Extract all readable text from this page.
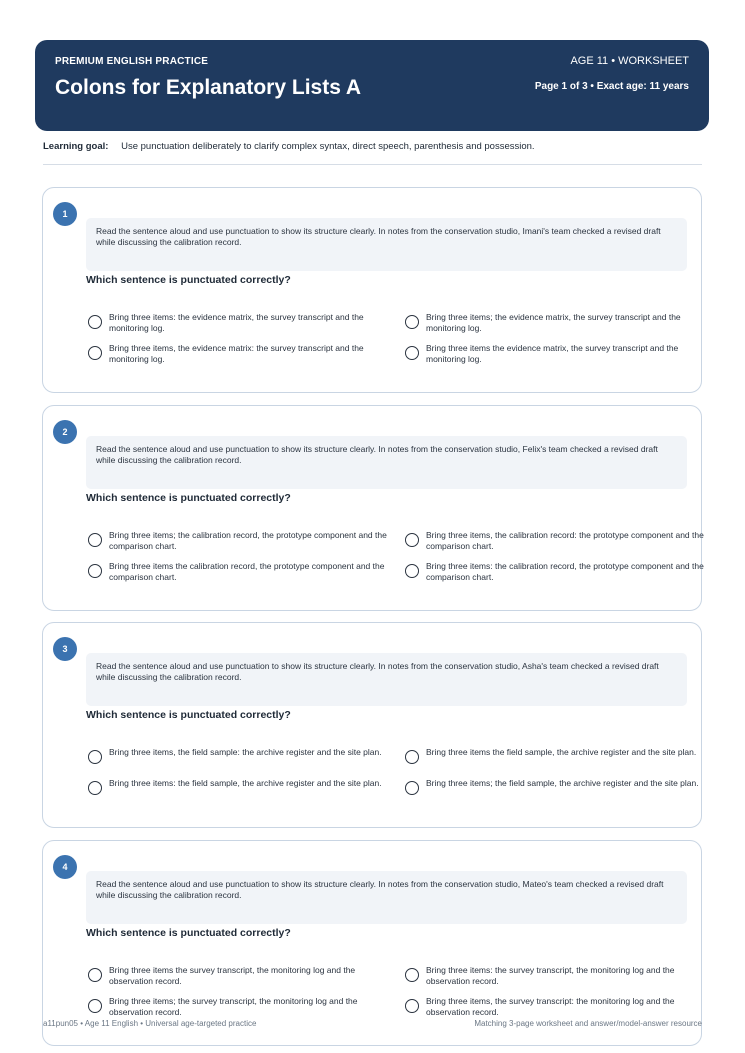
PREMIUM ENGLISH PRACTICE
Colons for Explanatory Lists A
AGE 11 • WORKSHEET
Page 1 of 3 • Exact age: 11 years
Learning goal: Use punctuation deliberately to clarify complex syntax, direct speech, parenthesis and possession.
1
Read the sentence aloud and use punctuation to show its structure clearly. In notes from the conservation studio, Imani's team checked a revised draft while discussing the calibration record.
Which sentence is punctuated correctly?
Bring three items: the evidence matrix, the survey transcript and the monitoring log.
Bring three items; the evidence matrix, the survey transcript and the monitoring log.
Bring three items, the evidence matrix: the survey transcript and the monitoring log.
Bring three items the evidence matrix, the survey transcript and the monitoring log.
2
Read the sentence aloud and use punctuation to show its structure clearly. In notes from the conservation studio, Felix's team checked a revised draft while discussing the calibration record.
Which sentence is punctuated correctly?
Bring three items; the calibration record, the prototype component and the comparison chart.
Bring three items, the calibration record: the prototype component and the comparison chart.
Bring three items the calibration record, the prototype component and the comparison chart.
Bring three items: the calibration record, the prototype component and the comparison chart.
3
Read the sentence aloud and use punctuation to show its structure clearly. In notes from the conservation studio, Asha's team checked a revised draft while discussing the calibration record.
Which sentence is punctuated correctly?
Bring three items, the field sample: the archive register and the site plan.	Bring three items the field sample, the archive register and the site plan.
Bring three items: the field sample, the archive register and the site plan.	Bring three items; the field sample, the archive register and the site plan.
4
Read the sentence aloud and use punctuation to show its structure clearly. In notes from the conservation studio, Mateo's team checked a revised draft while discussing the calibration record.
Which sentence is punctuated correctly?
Bring three items the survey transcript, the monitoring log and the observation record.
Bring three items: the survey transcript, the monitoring log and the observation record.
Bring three items; the survey transcript, the monitoring log and the observation record.
Bring three items, the survey transcript: the monitoring log and the observation record.
a11pun05 • Age 11 English • Universal age-targeted practice	Matching 3-page worksheet and answer/model-answer resource
